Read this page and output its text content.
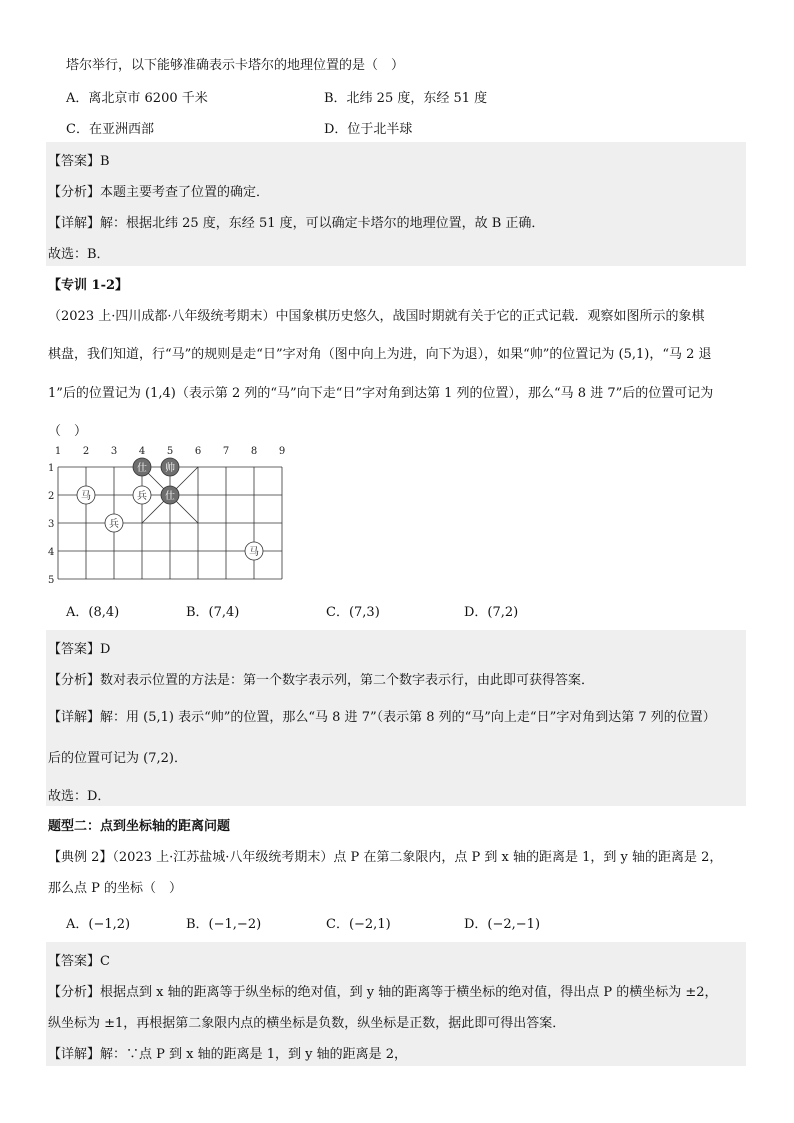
塔尔举行，以下能够准确表示卡塔尔的地理位置的是（　）
A．离北京市 6200 千米	B．北纬 25 度，东经 51 度
C．在亚洲西部	D．位于北半球
【答案】B
【分析】本题主要考查了位置的确定．
【详解】解：根据北纬 25 度，东经 51 度，可以确定卡塔尔的地理位置，故 B 正确．
故选：B．
【专训 1-2】
（2023 上·四川成都·八年级统考期末）中国象棋历史悠久，战国时期就有关于它的正式记载．观察如图所示的象棋
棋盘，我们知道，行“马”的规则是走“日”字对角（图中向上为进，向下为退），如果“帅”的位置记为 (5,1)，“马 2 退
1”后的位置记为 (1,4)（表示第 2 列的“马”向下走“日”字对角到达第 1 列的位置），那么“马 8 进 7”后的位置可记为
（　）
1 2 3 4 5 6 7 8 9
1
2
3
4
5
仕 帅
马	兵 仕
兵
马
A．(8,4)	B．(7,4)	C．(7,3)	D．(7,2)
【答案】D
【分析】数对表示位置的方法是：第一个数字表示列，第二个数字表示行，由此即可获得答案．
【详解】解：用 (5,1) 表示“帅”的位置，那么“马 8 进 7”（表示第 8 列的“马”向上走“日”字对角到达第 7 列的位置）
后的位置可记为 (7,2)．
故选：D．
题型二：点到坐标轴的距离问题
【典例 2】（2023 上·江苏盐城·八年级统考期末）点 P 在第二象限内，点 P 到 x 轴的距离是 1，到 y 轴的距离是 2，
那么点 P 的坐标（　）
A．(−1,2)	B．(−1,−2)	C．(−2,1)	D．(−2,−1)
【答案】C
【分析】根据点到 x 轴的距离等于纵坐标的绝对值，到 y 轴的距离等于横坐标的绝对值，得出点 P 的横坐标为 ±2，
纵坐标为 ±1，再根据第二象限内点的横坐标是负数，纵坐标是正数，据此即可得出答案．
【详解】解：∵点 P 到 x 轴的距离是 1，到 y 轴的距离是 2，
